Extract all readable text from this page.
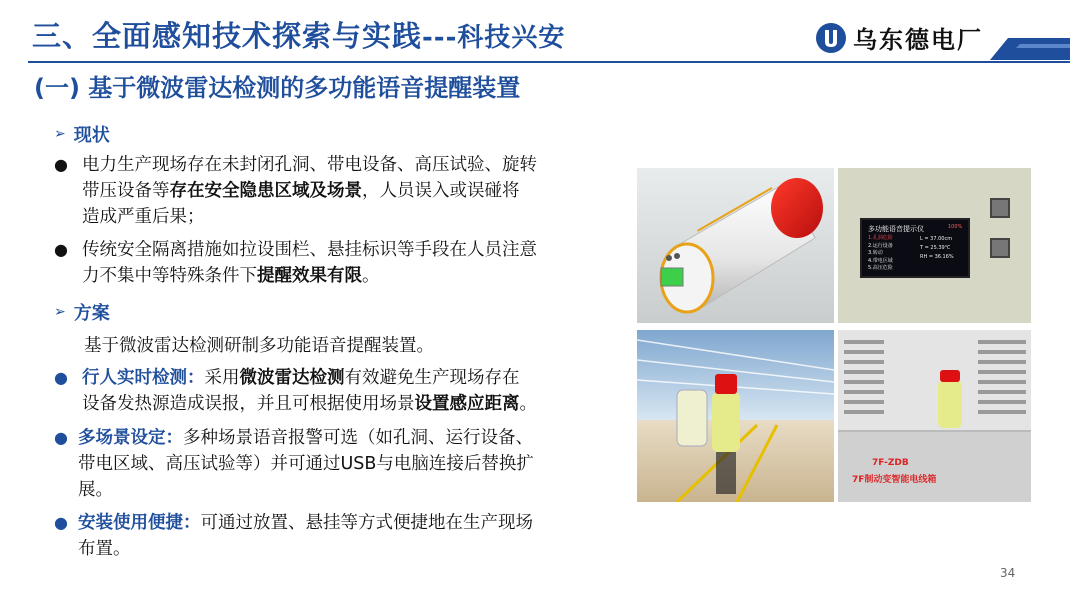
三、全面感知技术探索与实践---科技兴安	乌东德电厂
(一) 基于微波雷达检测的多功能语音提醒装置
➢ 现状
● 电力生产现场存在未封闭孔洞、带电设备、高压试验、旋转
带压设备等存在安全隐患区域及场景，人员误入或误碰将
造成严重后果；
● 传统安全隔离措施如拉设围栏、悬挂标识等手段在人员注意
力不集中等特殊条件下提醒效果有限。
➢ 方案
基于微波雷达检测研制多功能语音提醒装置。
● 行人实时检测：采用微波雷达检测有效避免生产现场存在
设备发热源造成误报，并且可根据使用场景设置感应距离。
● 多场景设定：多种场景语音报警可选（如孔洞、运行设备、
带电区域、高压试验等）并可通过USB与电脑连接后替换扩
展。
● 安装使用便捷：可通过放置、悬挂等方式便捷地在生产现场
布置。
多功能语音提示仪	100%
1.孔洞危险
2.运行设备
3.转动
4.带电区域
5.高压危险
L = 37.00cm
T = 25.39℃
RH = 36.16%
7F-ZDB
7F制动变智能电线箱
34
